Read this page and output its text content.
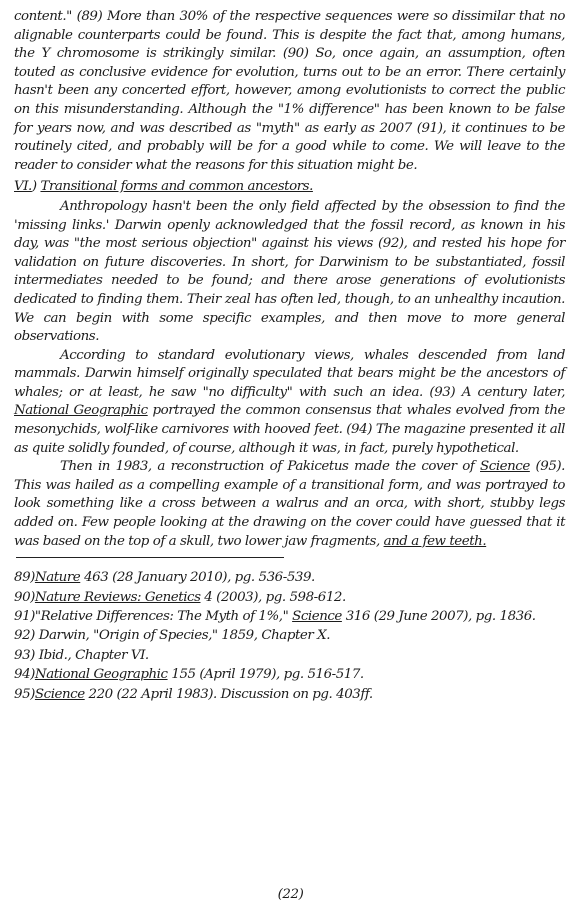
content." (89) More than 30% of the respective sequences were so dissimilar that no alignable counterparts could be found. This is despite the fact that, among humans, the Y chromosome is strikingly similar. (90) So, once again, an assumption, often touted as conclusive evidence for evolution, turns out to be an error. There certainly hasn't been any concerted effort, however, among evolutionists to correct the public on this misunderstanding. Although the "1% difference" has been known to be false for years now, and was described as "myth" as early as 2007 (91), it continues to be routinely cited, and probably will be for a good while to come. We will leave to the reader to consider what the reasons for this situation might be.

VI.) Transitional forms and common ancestors.

Anthropology hasn't been the only field affected by the obsession to find the 'missing links.' Darwin openly acknowledged that the fossil record, as known in his day, was "the most serious objection" against his views (92), and rested his hope for validation on future discoveries. In short, for Darwinism to be substantiated, fossil intermediates needed to be found; and there arose generations of evolutionists dedicated to finding them. Their zeal has often led, though, to an unhealthy incaution. We can begin with some specific examples, and then move to more general observations.

According to standard evolutionary views, whales descended from land mammals. Darwin himself originally speculated that bears might be the ancestors of whales; or at least, he saw "no difficulty" with such an idea. (93) A century later, National Geographic portrayed the common consensus that whales evolved from the mesonychids, wolf-like carnivores with hooved feet. (94) The magazine presented it all as quite solidly founded, of course, although it was, in fact, purely hypothetical.

Then in 1983, a reconstruction of Pakicetus made the cover of Science (95). This was hailed as a compelling example of a transitional form, and was portrayed to look something like a cross between a walrus and an orca, with short, stubby legs added on. Few people looking at the drawing on the cover could have guessed that it was based on the top of a skull, two lower jaw fragments, and a few teeth.

89)Nature 463 (28 January 2010), pg. 536-539.
90)Nature Reviews: Genetics 4 (2003), pg. 598-612.
91)"Relative Differences: The Myth of 1%," Science 316 (29 June 2007), pg. 1836.
92) Darwin, "Origin of Species," 1859, Chapter X.
93) Ibid., Chapter VI.
94)National Geographic 155 (April 1979), pg. 516-517.
95)Science 220 (22 April 1983). Discussion on pg. 403ff.
(22)
